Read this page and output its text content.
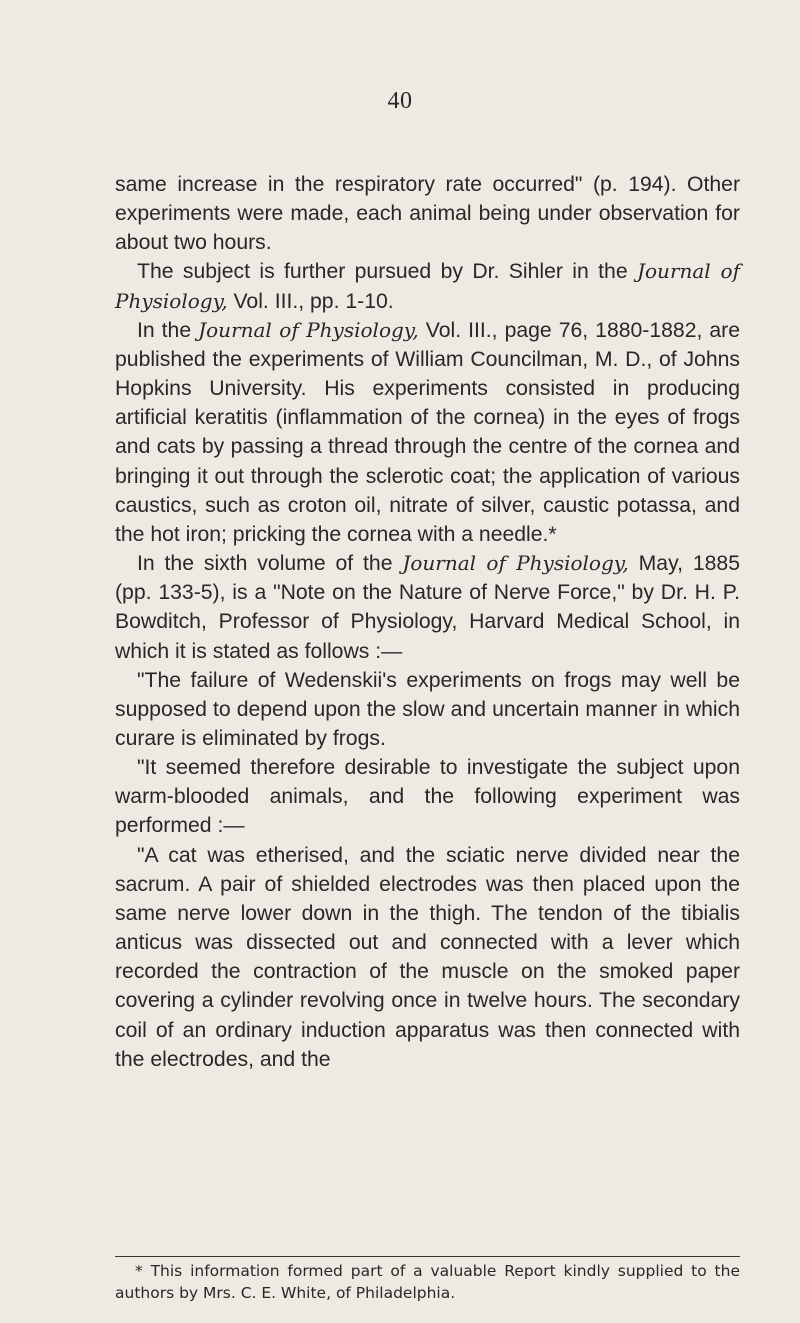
40

same increase in the respiratory rate occurred" (p. 194). Other experiments were made, each animal being under observation for about two hours.

The subject is further pursued by Dr. Sihler in the Journal of Physiology, Vol. III., pp. 1-10.

In the Journal of Physiology, Vol. III., page 76, 1880-1882, are published the experiments of William Councilman, M. D., of Johns Hopkins University. His experiments consisted in producing artificial keratitis (inflammation of the cornea) in the eyes of frogs and cats by passing a thread through the centre of the cornea and bringing it out through the sclerotic coat; the application of various caustics, such as croton oil, nitrate of silver, caustic potassa, and the hot iron; pricking the cornea with a needle.*

In the sixth volume of the Journal of Physiology, May, 1885 (pp. 133-5), is a "Note on the Nature of Nerve Force," by Dr. H. P. Bowditch, Professor of Physiology, Harvard Medical School, in which it is stated as follows :—

"The failure of Wedenskii's experiments on frogs may well be supposed to depend upon the slow and uncertain manner in which curare is eliminated by frogs.

"It seemed therefore desirable to investigate the subject upon warm-blooded animals, and the following experiment was performed :—

"A cat was etherised, and the sciatic nerve divided near the sacrum. A pair of shielded electrodes was then placed upon the same nerve lower down in the thigh. The tendon of the tibialis anticus was dissected out and connected with a lever which recorded the contraction of the muscle on the smoked paper covering a cylinder revolving once in twelve hours. The secondary coil of an ordinary induction apparatus was then connected with the electrodes, and the

* This information formed part of a valuable Report kindly supplied to the authors by Mrs. C. E. White, of Philadelphia.
